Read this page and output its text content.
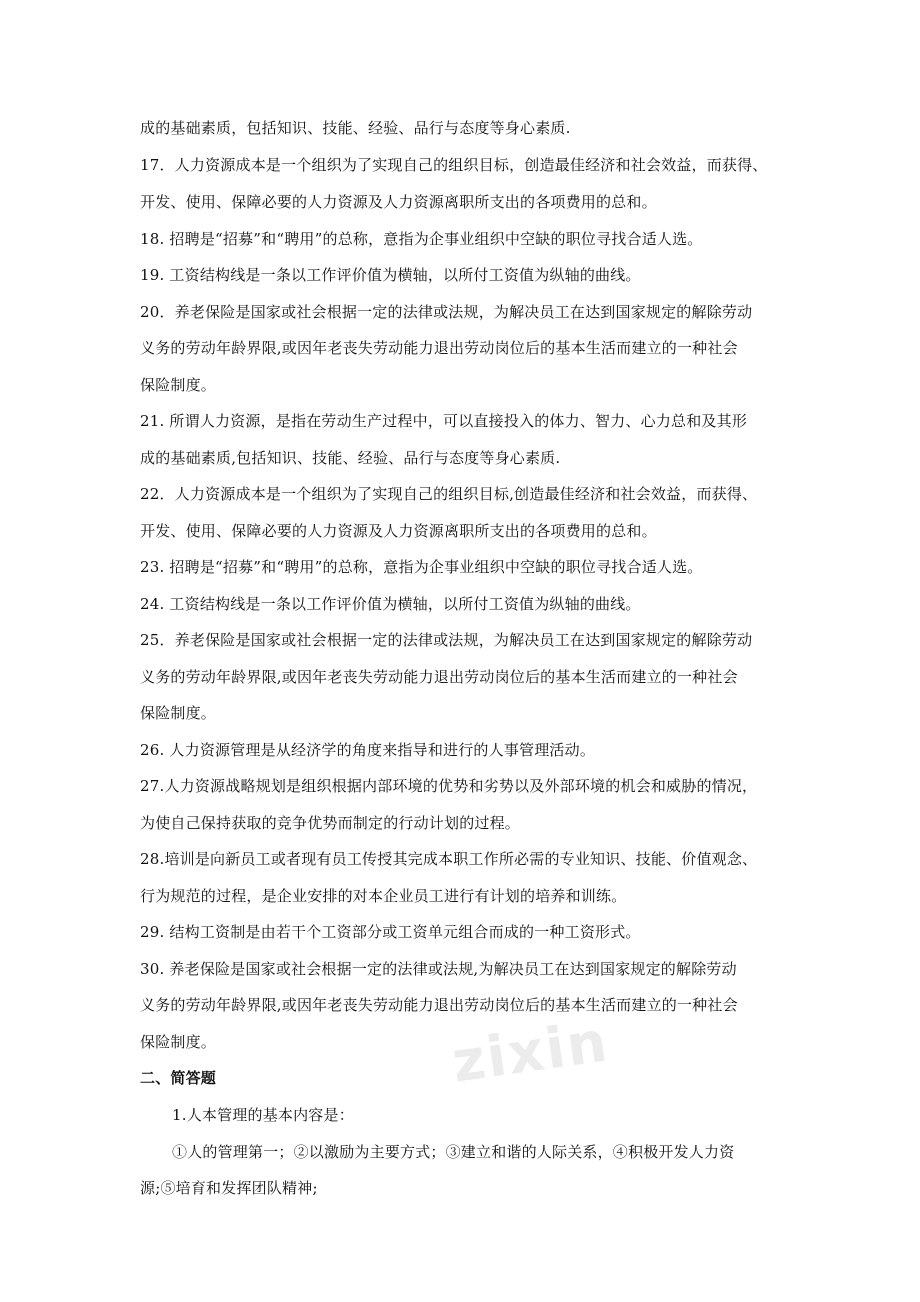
zixin
成的基础素质，包括知识、技能、经验、品行与态度等身心素质.
17．人力资源成本是一个组织为了实现自己的组织目标，创造最佳经济和社会效益，而获得、
开发、使用、保障必要的人力资源及人力资源离职所支出的各项费用的总和。
18. 招聘是“招募”和“聘用”的总称，意指为企事业组织中空缺的职位寻找合适人选。
19. 工资结构线是一条以工作评价值为横轴，以所付工资值为纵轴的曲线。
20．养老保险是国家或社会根据一定的法律或法规，为解决员工在达到国家规定的解除劳动
义务的劳动年龄界限,或因年老丧失劳动能力退出劳动岗位后的基本生活而建立的一种社会
保险制度。
21. 所谓人力资源，是指在劳动生产过程中，可以直接投入的体力、智力、心力总和及其形
成的基础素质,包括知识、技能、经验、品行与态度等身心素质.
22．人力资源成本是一个组织为了实现自己的组织目标,创造最佳经济和社会效益，而获得、
开发、使用、保障必要的人力资源及人力资源离职所支出的各项费用的总和。
23. 招聘是“招募”和“聘用”的总称，意指为企事业组织中空缺的职位寻找合适人选。
24. 工资结构线是一条以工作评价值为横轴，以所付工资值为纵轴的曲线。
25．养老保险是国家或社会根据一定的法律或法规，为解决员工在达到国家规定的解除劳动
义务的劳动年龄界限,或因年老丧失劳动能力退出劳动岗位后的基本生活而建立的一种社会
保险制度。
26. 人力资源管理是从经济学的角度来指导和进行的人事管理活动。
27.人力资源战略规划是组织根据内部环境的优势和劣势以及外部环境的机会和威胁的情况，
为使自己保持获取的竞争优势而制定的行动计划的过程。
28.培训是向新员工或者现有员工传授其完成本职工作所必需的专业知识、技能、价值观念、
行为规范的过程，是企业安排的对本企业员工进行有计划的培养和训练。
29. 结构工资制是由若干个工资部分或工资单元组合而成的一种工资形式。
30. 养老保险是国家或社会根据一定的法律或法规,为解决员工在达到国家规定的解除劳动
义务的劳动年龄界限,或因年老丧失劳动能力退出劳动岗位后的基本生活而建立的一种社会
保险制度。
二、简答题
1.人本管理的基本内容是：
①人的管理第一；②以激励为主要方式；③建立和谐的人际关系，④积极开发人力资
源;⑤培育和发挥团队精神;
